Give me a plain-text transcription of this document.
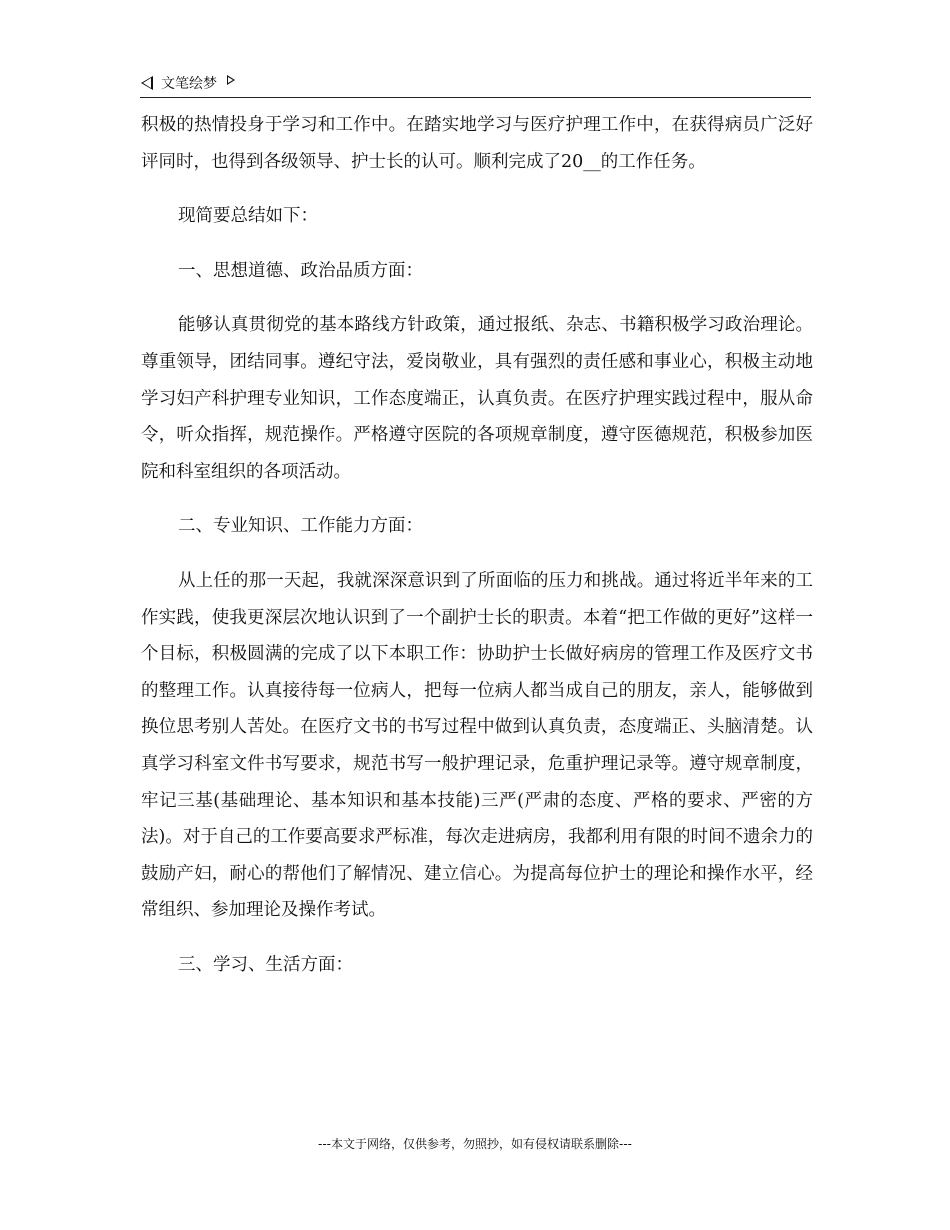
文笔绘梦

积极的热情投身于学习和工作中。在踏实地学习与医疗护理工作中，在获得病员广泛好评同时，也得到各级领导、护士长的认可。顺利完成了20__的工作任务。

现简要总结如下：

一、思想道德、政治品质方面：

能够认真贯彻党的基本路线方针政策，通过报纸、杂志、书籍积极学习政治理论。尊重领导，团结同事。遵纪守法，爱岗敬业，具有强烈的责任感和事业心，积极主动地学习妇产科护理专业知识，工作态度端正，认真负责。在医疗护理实践过程中，服从命令，听众指挥，规范操作。严格遵守医院的各项规章制度，遵守医德规范，积极参加医院和科室组织的各项活动。

二、专业知识、工作能力方面：

从上任的那一天起，我就深深意识到了所面临的压力和挑战。通过将近半年来的工作实践，使我更深层次地认识到了一个副护士长的职责。本着“把工作做的更好”这样一个目标，积极圆满的完成了以下本职工作：协助护士长做好病房的管理工作及医疗文书的整理工作。认真接待每一位病人，把每一位病人都当成自己的朋友，亲人，能够做到换位思考别人苦处。在医疗文书的书写过程中做到认真负责，态度端正、头脑清楚。认真学习科室文件书写要求，规范书写一般护理记录，危重护理记录等。遵守规章制度，牢记三基(基础理论、基本知识和基本技能)三严(严肃的态度、严格的要求、严密的方法)。对于自己的工作要高要求严标准，每次走进病房，我都利用有限的时间不遗余力的鼓励产妇，耐心的帮他们了解情况、建立信心。为提高每位护士的理论和操作水平，经常组织、参加理论及操作考试。

三、学习、生活方面：

---本文于网络，仅供参考，勿照抄，如有侵权请联系删除---
